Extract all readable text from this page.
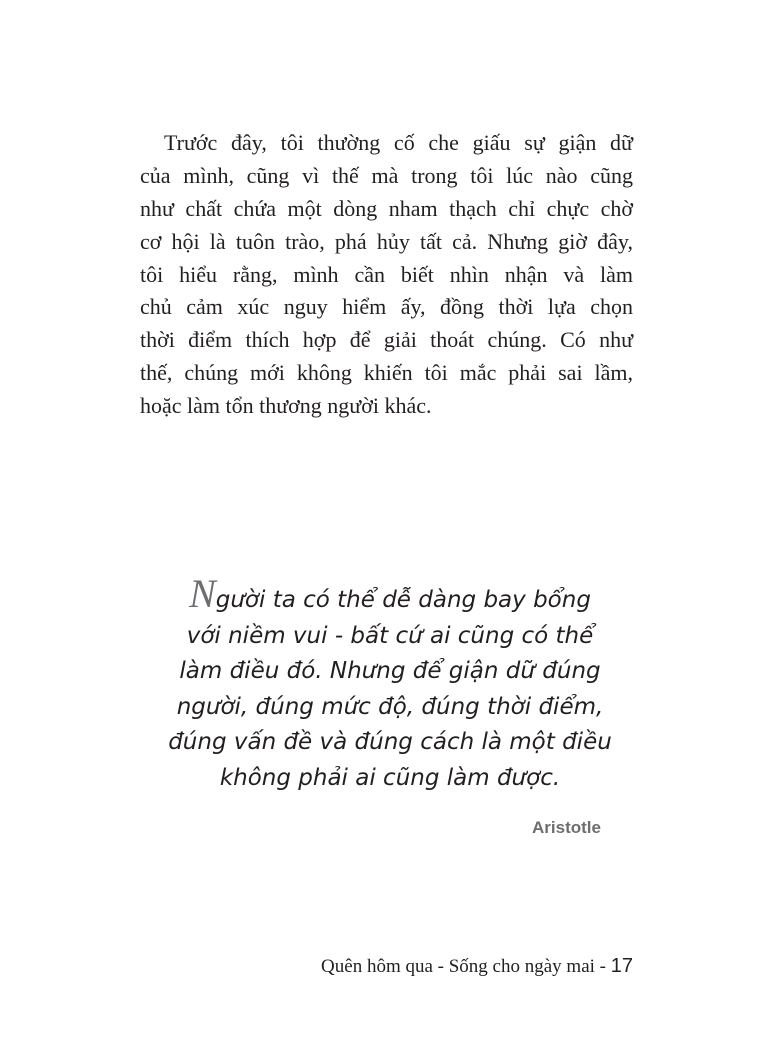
Trước đây, tôi thường cố che giấu sự giận dữ
của mình, cũng vì thế mà trong tôi lúc nào cũng
như chất chứa một dòng nham thạch chỉ chực chờ
cơ hội là tuôn trào, phá hủy tất cả. Nhưng giờ đây,
tôi hiểu rằng, mình cần biết nhìn nhận và làm
chủ cảm xúc nguy hiểm ấy, đồng thời lựa chọn
thời điểm thích hợp để giải thoát chúng. Có như
thế, chúng mới không khiến tôi mắc phải sai lầm,
hoặc làm tổn thương người khác.
Người ta có thể dễ dàng bay bổng
với niềm vui - bất cứ ai cũng có thể
làm điều đó. Nhưng để giận dữ đúng
người, đúng mức độ, đúng thời điểm,
đúng vấn đề và đúng cách là một điều
không phải ai cũng làm được.
Aristotle
Quên hôm qua - Sống cho ngày mai - 17
